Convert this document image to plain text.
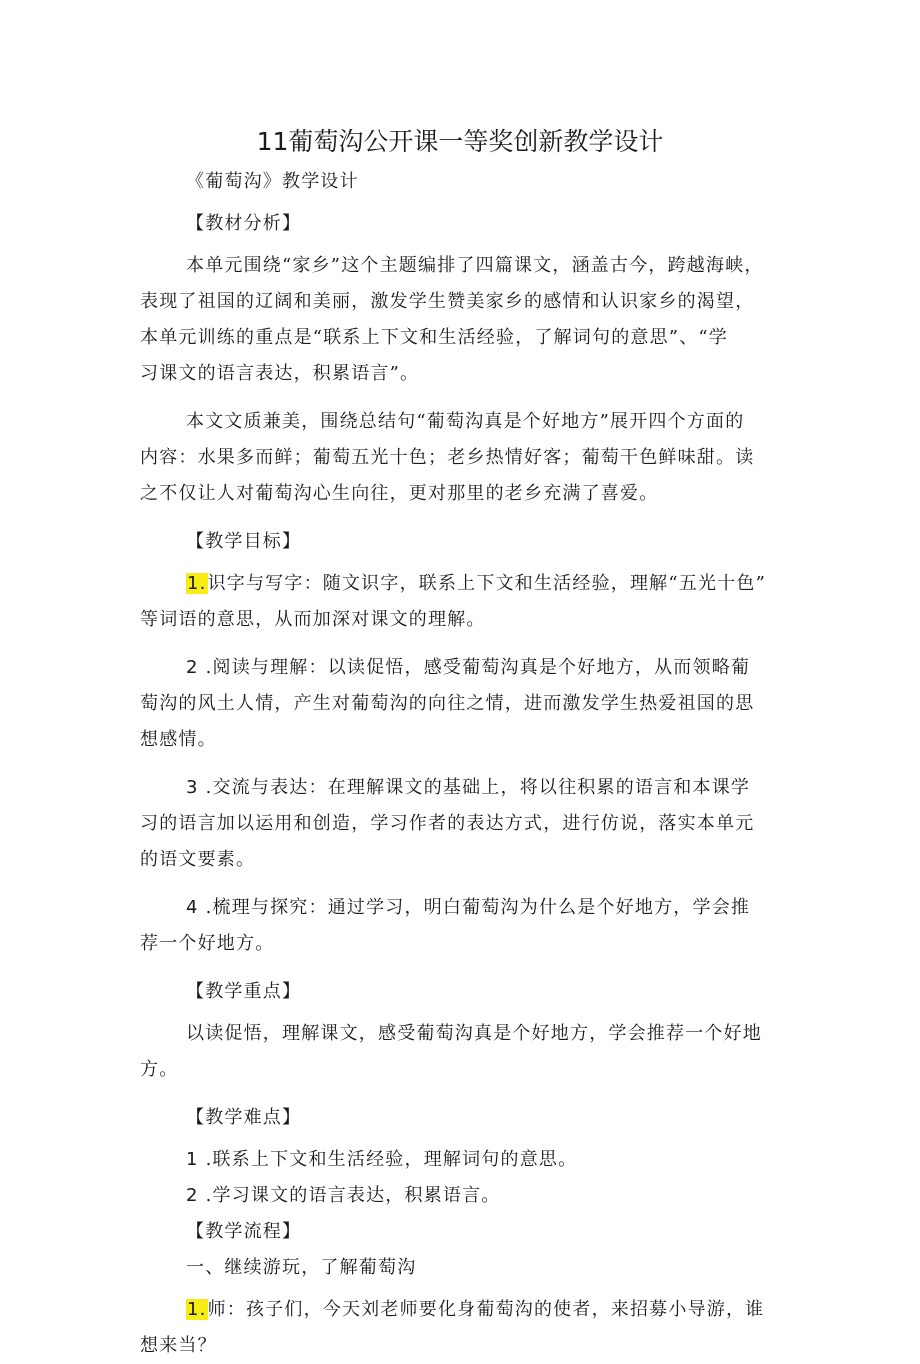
11葡萄沟公开课一等奖创新教学设计
《葡萄沟》教学设计
【教材分析】
本单元围绕“家乡”这个主题编排了四篇课文，涵盖古今，跨越海峡，
表现了祖国的辽阔和美丽，激发学生赞美家乡的感情和认识家乡的渴望，
本单元训练的重点是“联系上下文和生活经验，了解词句的意思”、“学
习课文的语言表达，积累语言”。
本文文质兼美，围绕总结句“葡萄沟真是个好地方”展开四个方面的
内容：水果多而鲜；葡萄五光十色；老乡热情好客；葡萄干色鲜味甜。读
之不仅让人对葡萄沟心生向往，更对那里的老乡充满了喜爱。
【教学目标】
1.识字与写字：随文识字，联系上下文和生活经验，理解“五光十色”
等词语的意思，从而加深对课文的理解。
2 .阅读与理解：以读促悟，感受葡萄沟真是个好地方，从而领略葡
萄沟的风土人情，产生对葡萄沟的向往之情，进而激发学生热爱祖国的思
想感情。
3 .交流与表达：在理解课文的基础上，将以往积累的语言和本课学
习的语言加以运用和创造，学习作者的表达方式，进行仿说，落实本单元
的语文要素。
4 .梳理与探究：通过学习，明白葡萄沟为什么是个好地方，学会推
荐一个好地方。
【教学重点】
以读促悟，理解课文，感受葡萄沟真是个好地方，学会推荐一个好地
方。
【教学难点】
1 .联系上下文和生活经验，理解词句的意思。
2 .学习课文的语言表达，积累语言。
【教学流程】
一、继续游玩，了解葡萄沟
1.师：孩子们，今天刘老师要化身葡萄沟的使者，来招募小导游，谁
想来当？
